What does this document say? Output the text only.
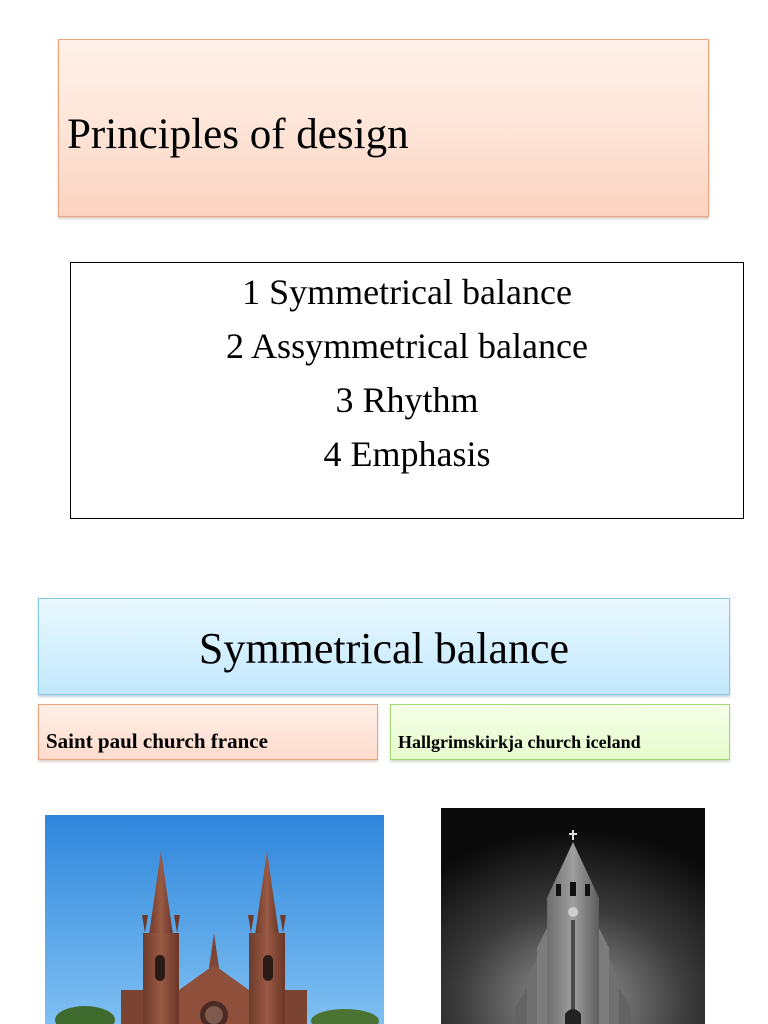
Principles of design
1 Symmetrical balance
2 Assymmetrical balance
3 Rhythm
4 Emphasis
Symmetrical balance
Saint paul church france	Hallgrimskirkja church iceland
